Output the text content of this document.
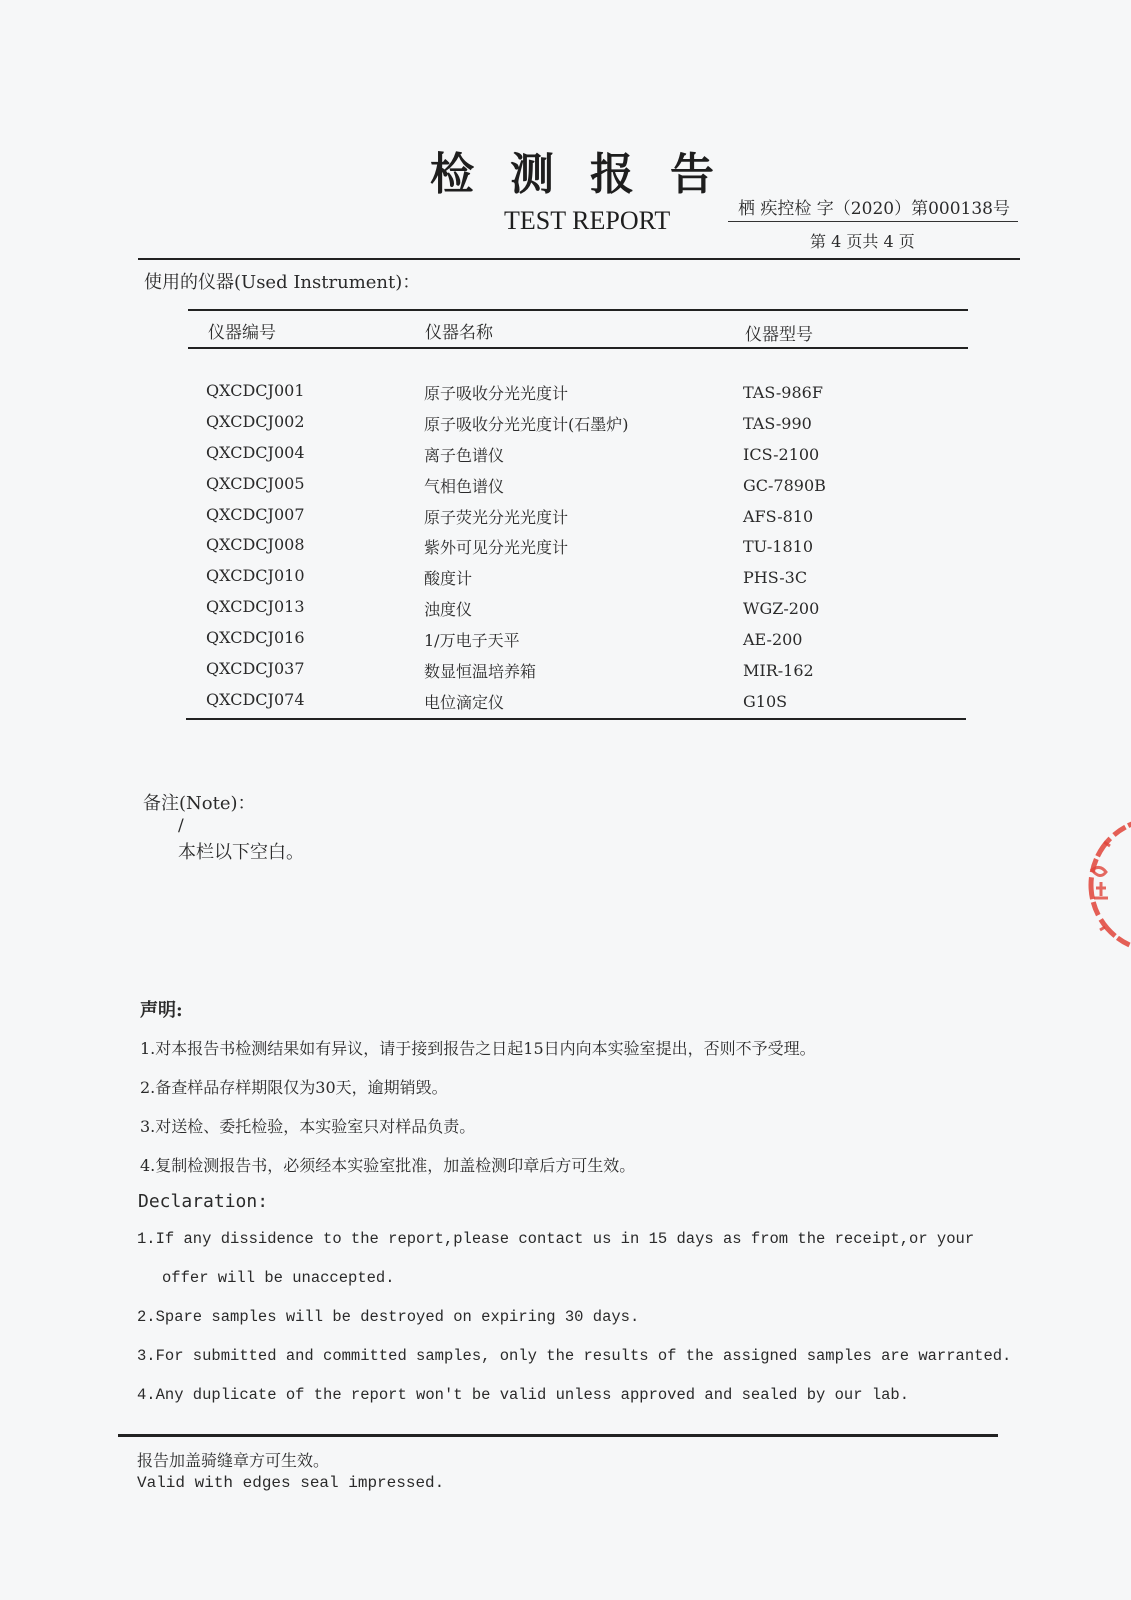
检测报告
TEST REPORT	栖 疾控检 字（2020）第000138号
第 4 页共 4 页
使用的仪器(Used Instrument)：
仪器编号	仪器名称	仪器型号
QXCDCJ001	原子吸收分光光度计	TAS-986F
QXCDCJ002	原子吸收分光光度计(石墨炉)	TAS-990
QXCDCJ004	离子色谱仪	ICS-2100
QXCDCJ005	气相色谱仪	GC-7890B
QXCDCJ007	原子荧光分光光度计	AFS-810
QXCDCJ008	紫外可见分光光度计	TU-1810
QXCDCJ010	酸度计	PHS-3C
QXCDCJ013	浊度仪	WGZ-200
QXCDCJ016	1/万电子天平	AE-200
QXCDCJ037	数显恒温培养箱	MIR-162
QXCDCJ074	电位滴定仪	G10S
备注(Note)：
/
本栏以下空白。
声明:
1.对本报告书检测结果如有异议，请于接到报告之日起15日内向本实验室提出，否则不予受理。
2.备查样品存样期限仅为30天，逾期销毁。
3.对送检、委托检验，本实验室只对样品负责。
4.复制检测报告书，必须经本实验室批准，加盖检测印章后方可生效。
Declaration:
1.If any dissidence to the report,please contact us in 15 days as from the receipt,or your
offer will be unaccepted.
2.Spare samples will be destroyed on expiring 30 days.
3.For submitted and committed samples, only the results of the assigned samples are warranted.
4.Any duplicate of the report won't be valid unless approved and sealed by our lab.
报告加盖骑缝章方可生效。
Valid with edges seal impressed.
